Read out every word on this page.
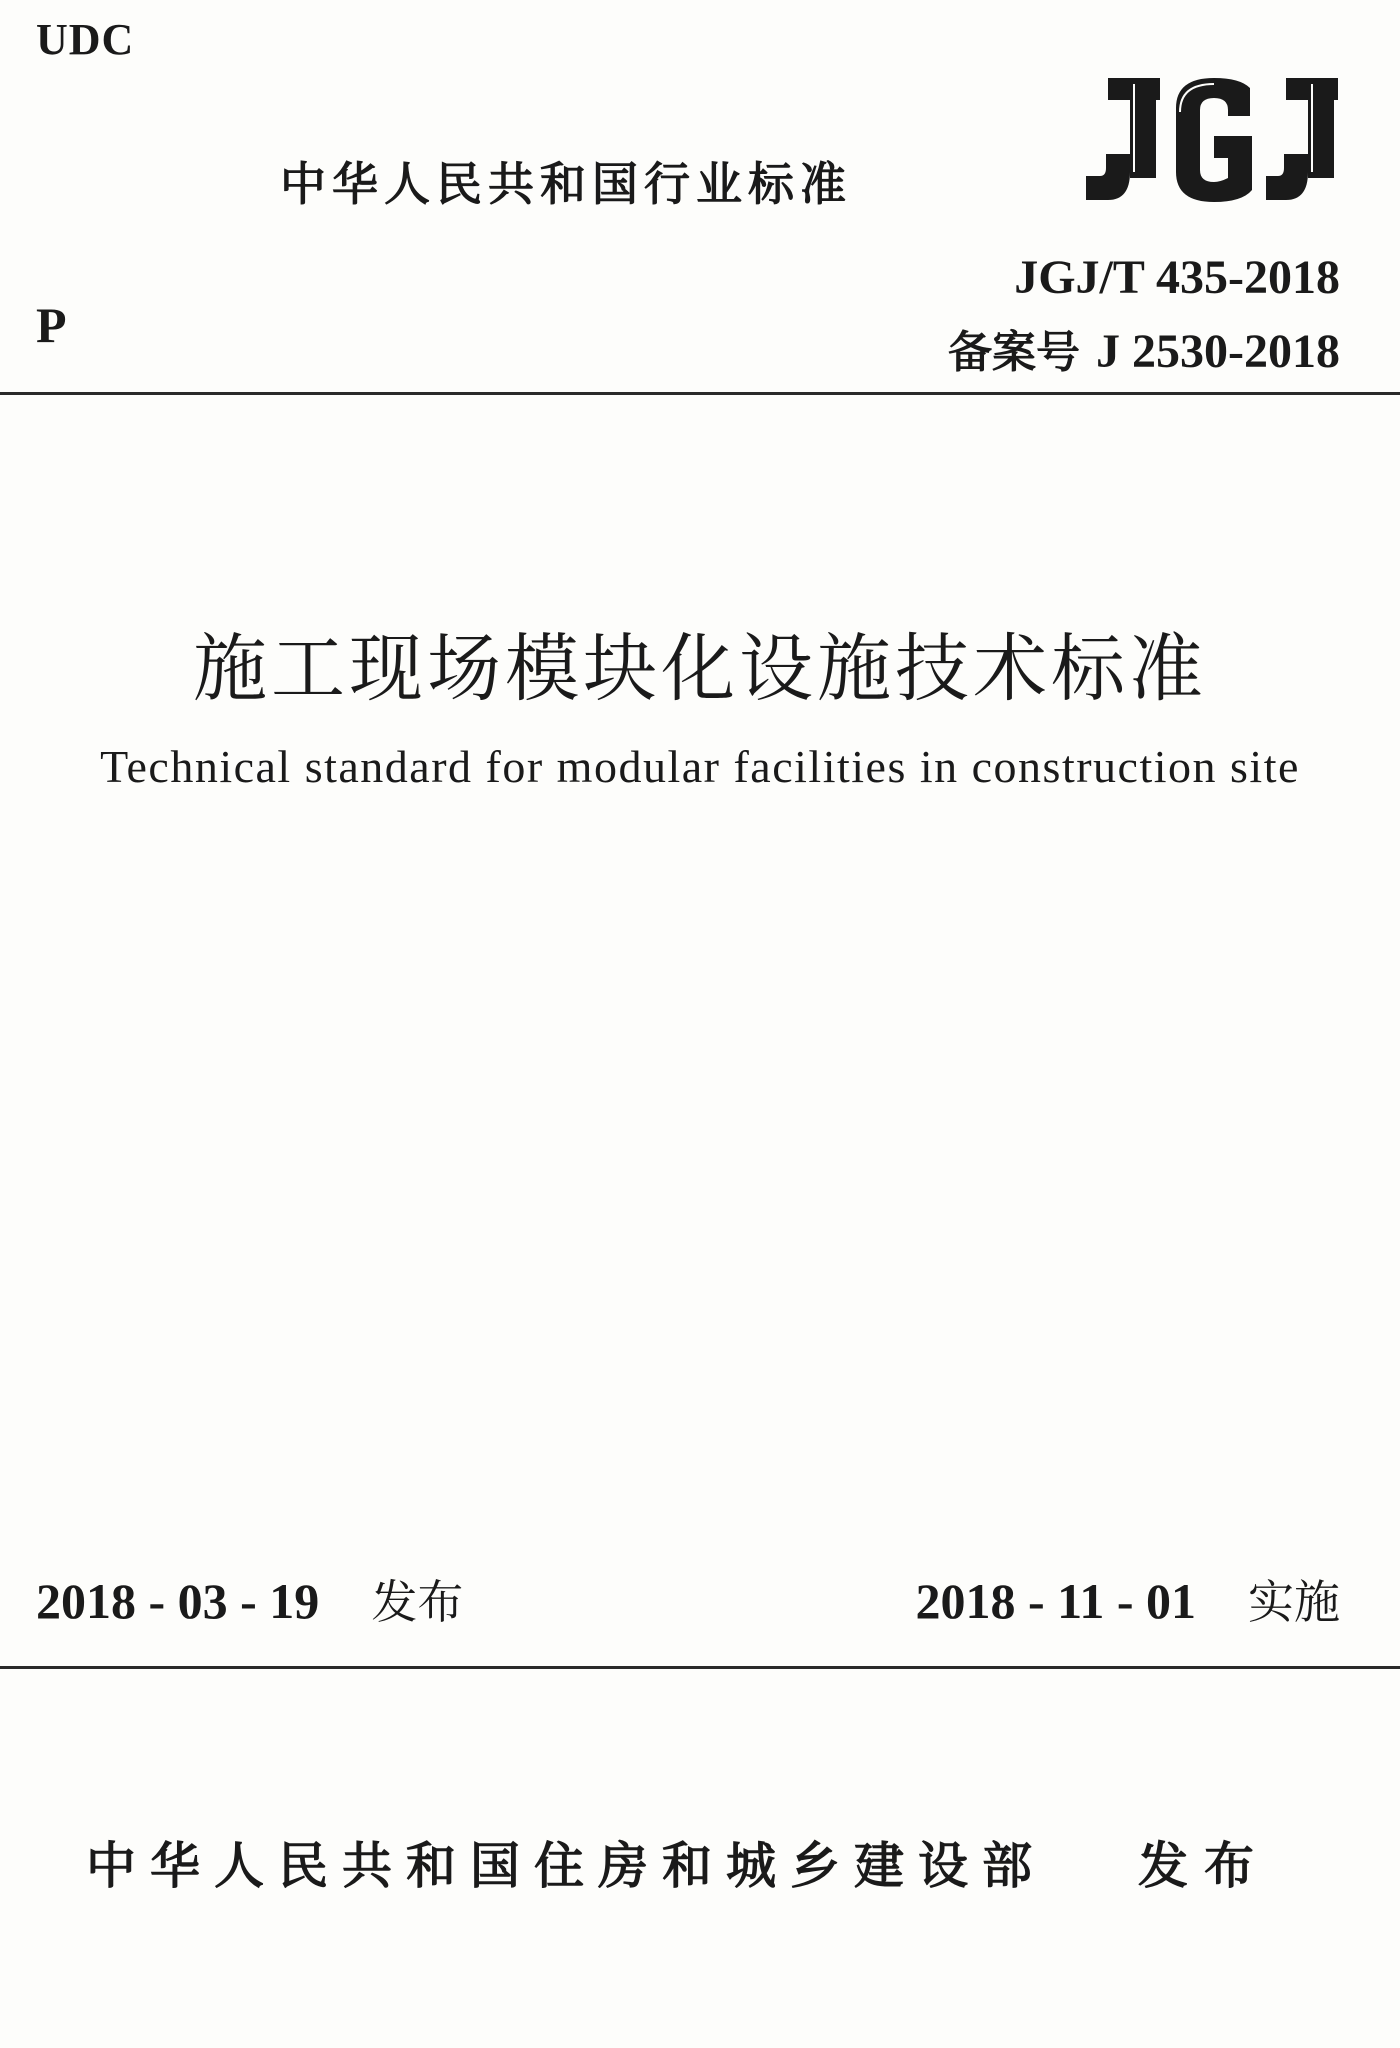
UDC
中华人民共和国行业标准
JGJ/T 435-2018
P	备案号 J 2530-2018
施工现场模块化设施技术标准
Technical standard for modular facilities in construction site
2018 - 03 - 19 发布	2018 - 11 - 01 实施
中华人民共和国住房和城乡建设部 发布
